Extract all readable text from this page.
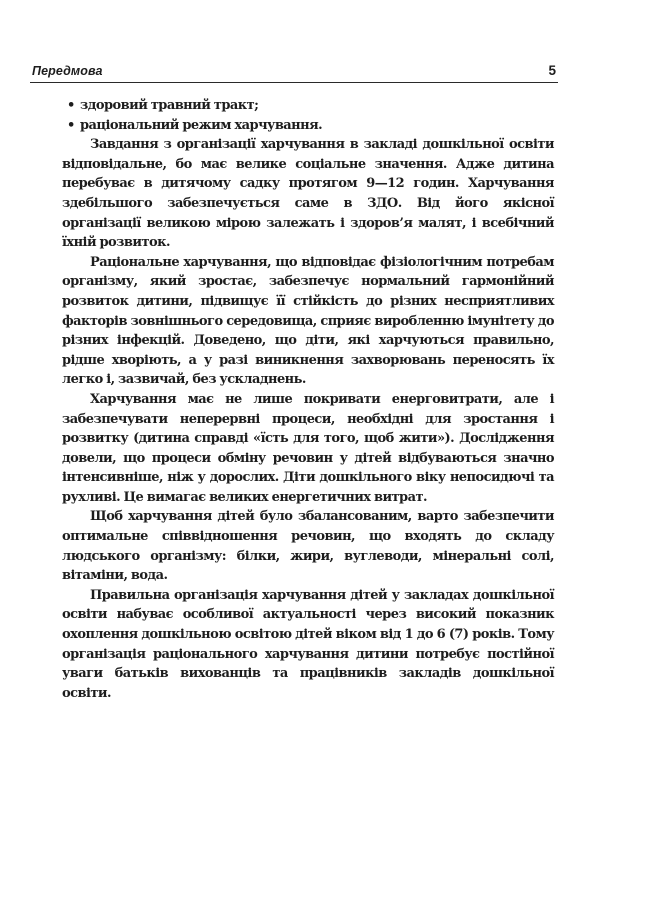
Передмова	5
• здоровий травний тракт;
• раціональний режим харчування.

Завдання з організації харчування в закладі дошкільної освіти відповідальне, бо має велике соціальне значення. Адже дитина перебуває в дитячому садку протягом 9—12 годин. Харчування здебільшого забезпечується саме в ЗДО. Від його якісної організації великою мірою залежать і здоров’я малят, і всебічний їхній розвиток.

Раціональне харчування, що відповідає фізіологічним потребам організму, який зростає, забезпечує нормальний гармонійний розвиток дитини, підвищує її стійкість до різних несприятливих факторів зовнішнього середовища, сприяє виробленню імунітету до різних інфекцій. Доведено, що діти, які харчуються правильно, рідше хворіють, а у разі виникнення захворювань переносять їх легко і, зазвичай, без ускладнень.

Харчування має не лише покривати енерговитрати, але і забезпечувати неперервні процеси, необхідні для зростання і розвитку (дитина справді «їсть для того, щоб жити»). Дослідження довели, що процеси обміну речовин у дітей відбуваються значно інтенсивніше, ніж у дорослих. Діти дошкільного віку непосидючі та рухливі. Це вимагає великих енергетичних витрат.

Щоб харчування дітей було збалансованим, варто забезпечити оптимальне співвідношення речовин, що входять до складу людського організму: білки, жири, вуглеводи, мінеральні солі, вітаміни, вода.

Правильна організація харчування дітей у закладах дошкільної освіти набуває особливої актуальності через високий показник охоплення дошкільною освітою дітей віком від 1 до 6 (7) років. Тому організація раціонального харчування дитини потребує постійної уваги батьків вихованців та працівників закладів дошкільної освіти.
